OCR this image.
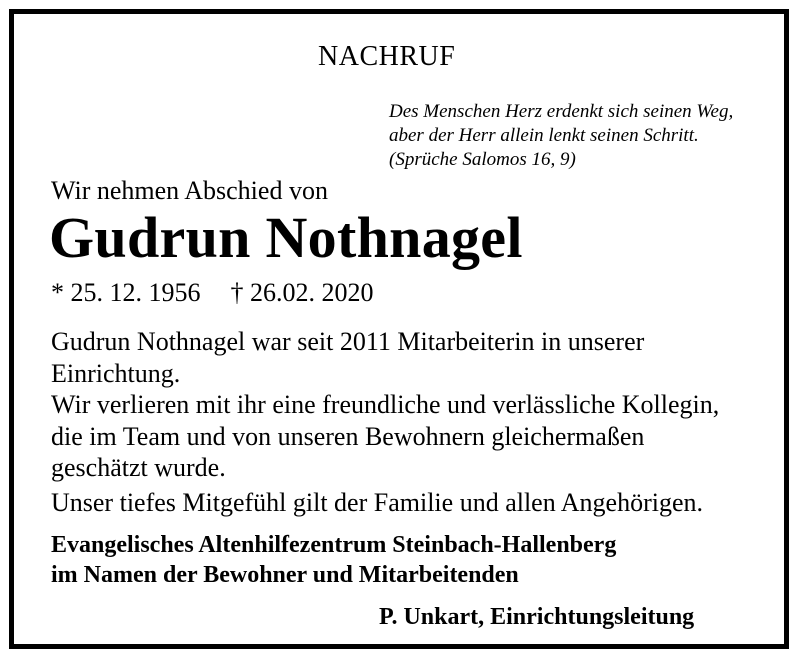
NACHRUF
Des Menschen Herz erdenkt sich seinen Weg,
aber der Herr allein lenkt seinen Schritt.
(Sprüche Salomos 16, 9)
Wir nehmen Abschied von
Gudrun Nothnagel
* 25. 12. 1956 † 26.02. 2020
Gudrun Nothnagel war seit 2011 Mitarbeiterin in unserer
Einrichtung.
Wir verlieren mit ihr eine freundliche und verlässliche Kollegin,
die im Team und von unseren Bewohnern gleichermaßen
geschätzt wurde.
Unser tiefes Mitgefühl gilt der Familie und allen Angehörigen.
Evangelisches Altenhilfezentrum Steinbach-Hallenberg
im Namen der Bewohner und Mitarbeitenden
P. Unkart, Einrichtungsleitung
